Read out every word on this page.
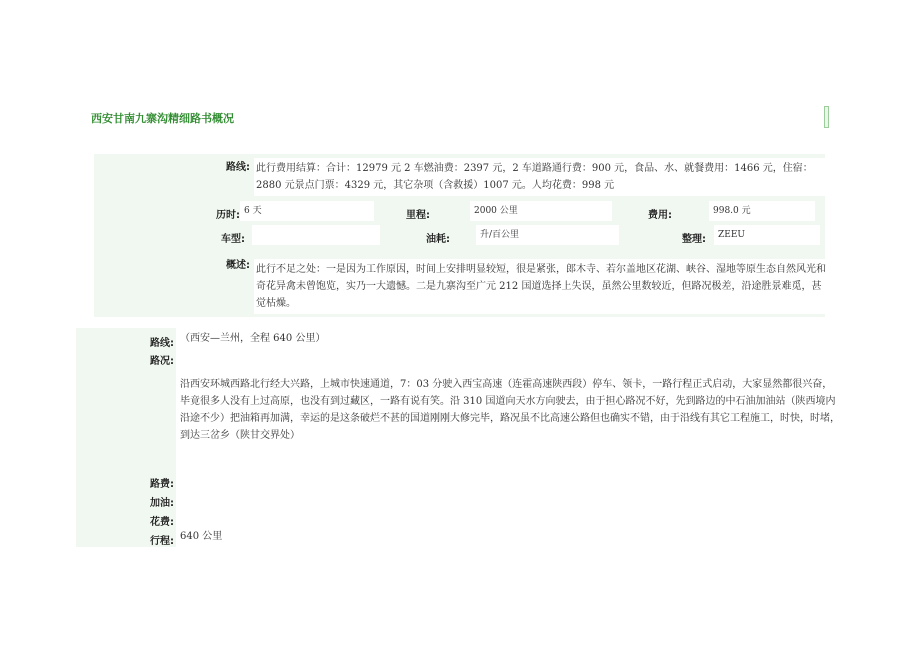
西安甘南九寨沟精细路书概况
路线: 此行费用结算：合计：12979 元 2 车燃油费：2397 元，2 车道路通行费：900 元，食品、水、就餐费用：1466 元，住宿：2880 元景点门票：4329 元，其它杂项（含救援）1007 元。人均花费：998 元
历时: 6 天	里程:	2000 公里	费用:	998.0 元
车型:	油耗:	升/百公里	整理:	ZEEU
概述: 此行不足之处：一是因为工作原因，时间上安排明显较短，很是紧张，郎木寺、若尔盖地区花湖、峡谷、湿地等原生态自然风光和奇花异禽未曾饱览，实乃一大遗憾。二是九寨沟至广元 212 国道选择上失误，虽然公里数较近，但路况极差，沿途胜景难觅，甚觉枯燥。
路线: （西安—兰州，全程 640 公里）
路况:
沿西安环城西路北行经大兴路，上城市快速通道，7：03 分驶入西宝高速（连霍高速陕西段）停车、领卡，一路行程正式启动，大家显然都很兴奋，毕竟很多人没有上过高原，也没有到过藏区，一路有说有笑。沿 310 国道向天水方向驶去，由于担心路况不好，先到路边的中石油加油站（陕西境内沿途不少）把油箱再加满，幸运的是这条破烂不甚的国道刚刚大修完毕，路况虽不比高速公路但也确实不错，由于沿线有其它工程施工，时快，时堵，到达三岔乡（陕甘交界处）
路费:
加油:
花费:
行程: 640 公里
